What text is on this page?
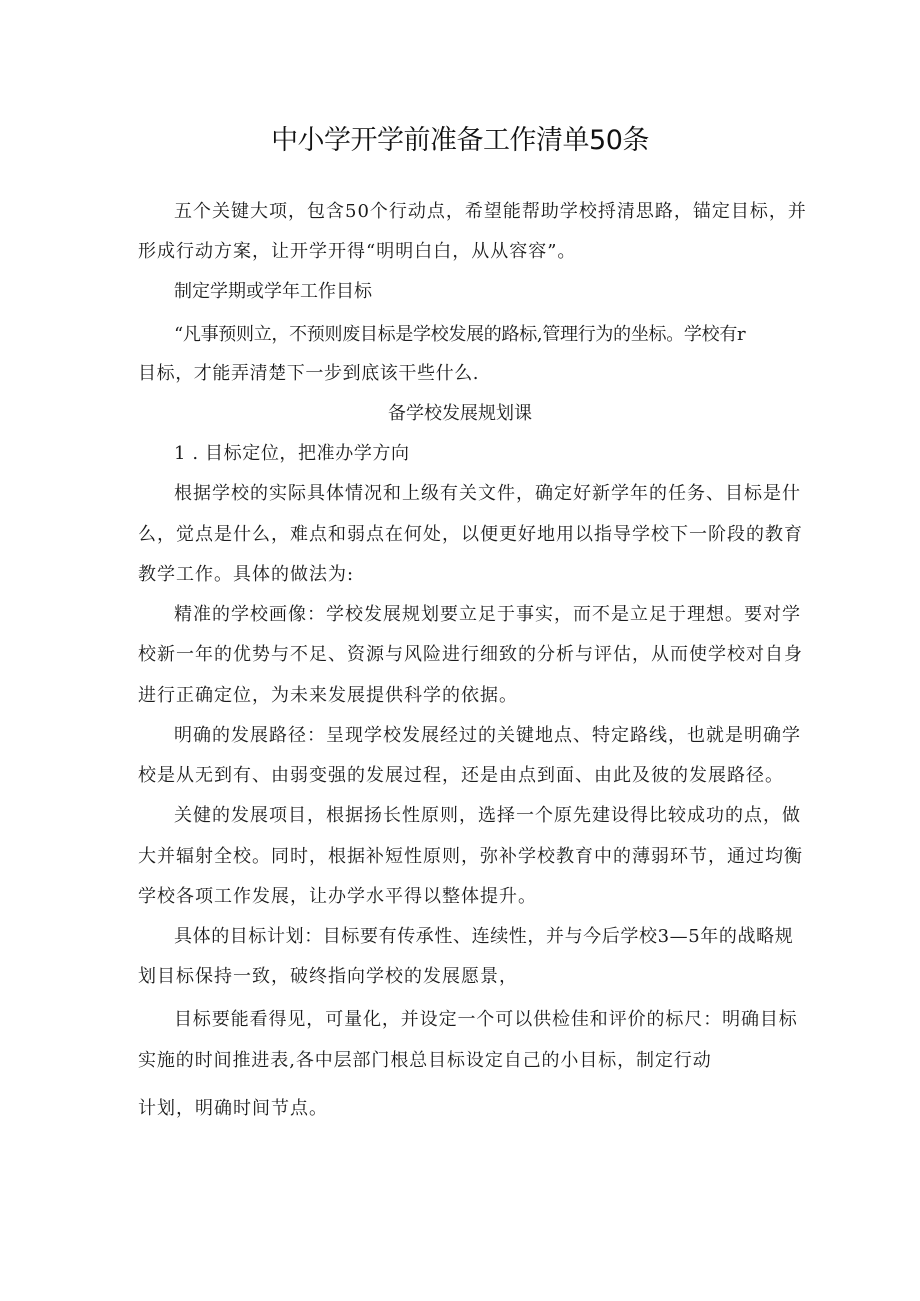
中小学开学前准备工作清单50条
五个关键大项，包含50个行动点，希望能帮助学校捋清思路，锚定目标，并
形成行动方案，让开学开得“明明白白，从从容容”。
制定学期或学年工作目标
“凡事预则立，不预则废目标是学校发展的路标,管理行为的坐标。学校有r
目标，才能弄清楚下一步到底该干些什么.
备学校发展规划课
1 . 目标定位，把准办学方向
根据学校的实际具体情况和上级有关文件，确定好新学年的任务、目标是什
么，觉点是什么，难点和弱点在何处，以便更好地用以指导学校下一阶段的教育
教学工作。具体的做法为:
精准的学校画像：学校发展规划要立足于事实，而不是立足于理想。要对学
校新一年的优势与不足、资源与风险进行细致的分析与评估，从而使学校对自身
进行正确定位，为未来发展提供科学的依据。
明确的发展路径：呈现学校发展经过的关键地点、特定路线，也就是明确学
校是从无到有、由弱变强的发展过程，还是由点到面、由此及彼的发展路径。
关健的发展项目，根据扬长性原则，选择一个原先建设得比较成功的点，做
大并辐射全校。同时，根据补短性原则，弥补学校教育中的薄弱环节，通过均衡
学校各项工作发展，让办学水平得以整体提升。
具体的目标计划：目标要有传承性、连续性，并与今后学校3—5年的战略规
划目标保持一致，破终指向学校的发展愿景，
目标要能看得见，可量化，并设定一个可以供检佳和评价的标尺：明确目标
实施的时间推进表,各中层部门根总目标设定自己的小目标，制定行动
计划，明确时间节点。
